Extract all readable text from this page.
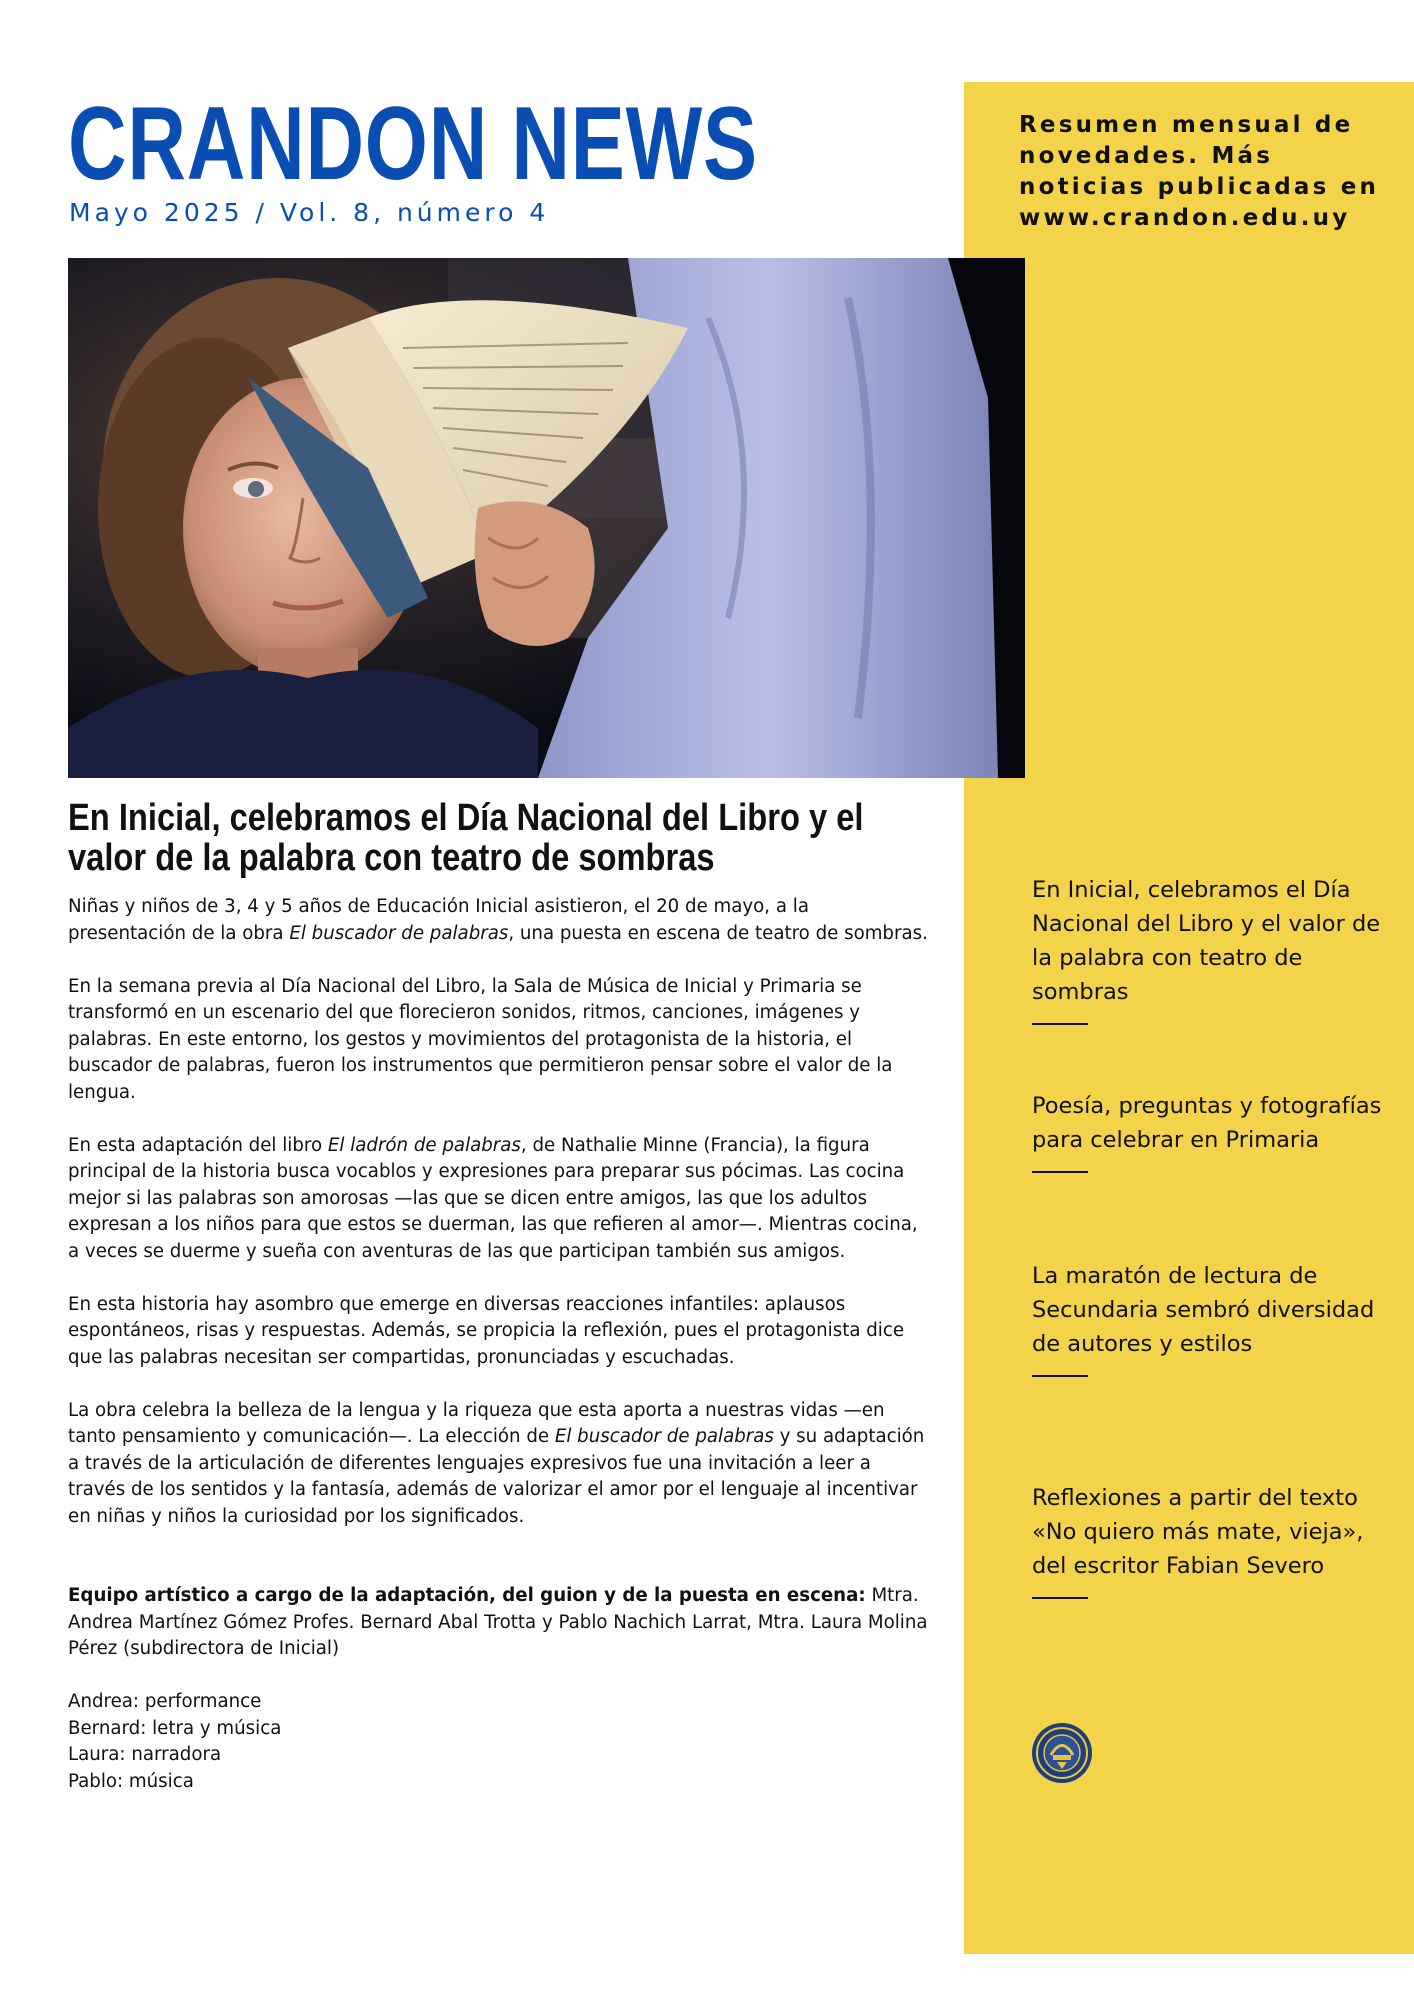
CRANDON NEWS
Mayo 2025 / Vol. 8, número 4
Resumen mensual de novedades. Más noticias publicadas en www.crandon.edu.uy
En Inicial, celebramos el Día Nacional del Libro y el valor de la palabra con teatro de sombras

Niñas y niños de 3, 4 y 5 años de Educación Inicial asistieron, el 20 de mayo, a la presentación de la obra El buscador de palabras, una puesta en escena de teatro de sombras.

En la semana previa al Día Nacional del Libro, la Sala de Música de Inicial y Primaria se transformó en un escenario del que florecieron sonidos, ritmos, canciones, imágenes y palabras. En este entorno, los gestos y movimientos del protagonista de la historia, el buscador de palabras, fueron los instrumentos que permitieron pensar sobre el valor de la lengua.

En esta adaptación del libro El ladrón de palabras, de Nathalie Minne (Francia), la figura principal de la historia busca vocablos y expresiones para preparar sus pócimas. Las cocina mejor si las palabras son amorosas —las que se dicen entre amigos, las que los adultos expresan a los niños para que estos se duerman, las que refieren al amor—. Mientras cocina, a veces se duerme y sueña con aventuras de las que participan también sus amigos.

En esta historia hay asombro que emerge en diversas reacciones infantiles: aplausos espontáneos, risas y respuestas. Además, se propicia la reflexión, pues el protagonista dice que las palabras necesitan ser compartidas, pronunciadas y escuchadas.

La obra celebra la belleza de la lengua y la riqueza que esta aporta a nuestras vidas —en tanto pensamiento y comunicación—. La elección de El buscador de palabras y su adaptación a través de la articulación de diferentes lenguajes expresivos fue una invitación a leer a través de los sentidos y la fantasía, además de valorizar el amor por el lenguaje al incentivar en niñas y niños la curiosidad por los significados.

Equipo artístico a cargo de la adaptación, del guion y de la puesta en escena: Mtra. Andrea Martínez Gómez Profes. Bernard Abal Trotta y Pablo Nachich Larrat, Mtra. Laura Molina Pérez (subdirectora de Inicial)
Andrea: performance
Bernard: letra y música
Laura: narradora
Pablo: música
En Inicial, celebramos el Día Nacional del Libro y el valor de la palabra con teatro de sombras
Poesía, preguntas y fotografías para celebrar en Primaria
La maratón de lectura de Secundaria sembró diversidad de autores y estilos
Reflexiones a partir del texto «No quiero más mate, vieja», del escritor Fabian Severo
